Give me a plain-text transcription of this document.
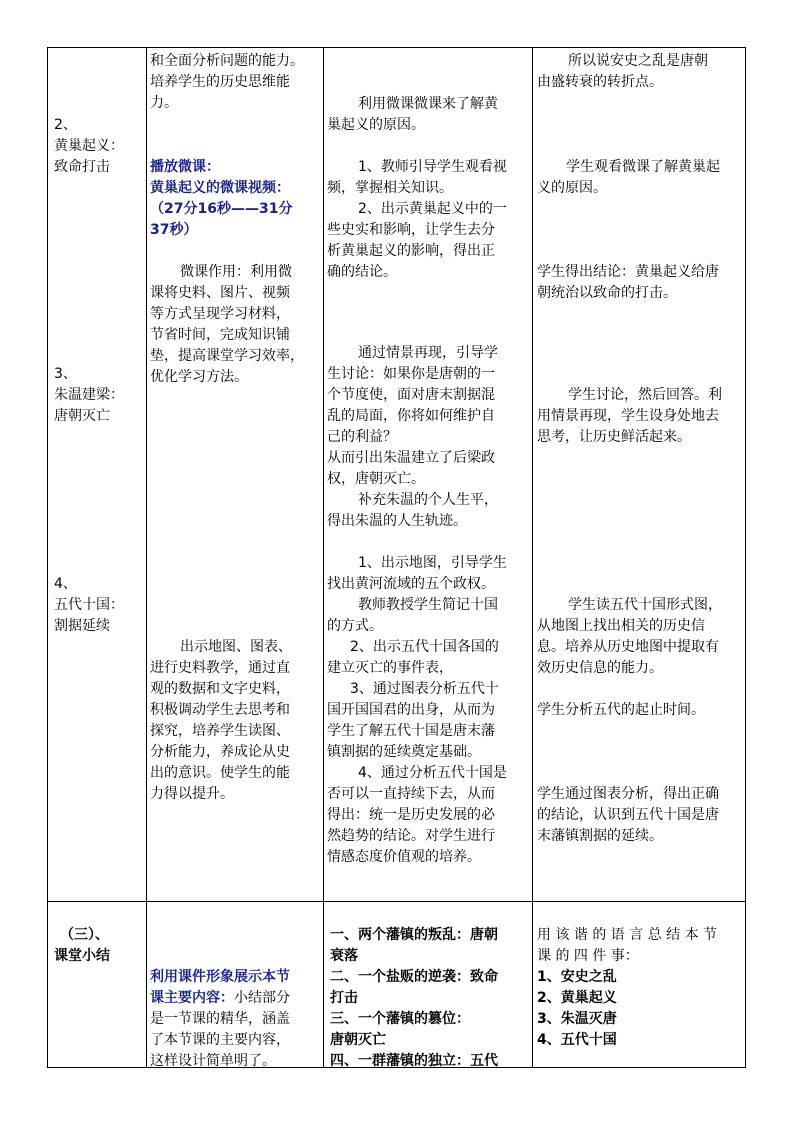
2、
黄巢起义：
致命打击
3、
朱温建梁：
唐朝灭亡
4、
五代十国：
割据延续
（三）、
课堂小结
和全面分析问题的能力。
培养学生的历史思维能
力。
播放微课：
黄巢起义的微课视频：
（27分16秒——31分
37秒）
微课作用：利用微
课将史料、图片、视频
等方式呈现学习材料，
节省时间，完成知识铺
垫，提高课堂学习效率，
优化学习方法。
出示地图、图表、
进行史料教学，通过直
观的数据和文字史料，
积极调动学生去思考和
探究，培养学生读图、
分析能力，养成论从史
出的意识。使学生的能
力得以提升。
利用课件形象展示本节
课主要内容：小结部分
是一节课的精华，涵盖
了本节课的主要内容，
这样设计简单明了。
利用微课微课来了解黄
巢起义的原因。
1、教师引导学生观看视
频，掌握相关知识。
2、出示黄巢起义中的一
些史实和影响，让学生去分
析黄巢起义的影响，得出正
确的结论。
通过情景再现，引导学
生讨论：如果你是唐朝的一
个节度使，面对唐末割据混
乱的局面，你将如何维护自
己的利益？
从而引出朱温建立了后梁政
权，唐朝灭亡。
补充朱温的个人生平，
得出朱温的人生轨迹。
1、出示地图，引导学生
找出黄河流域的五个政权。
教师教授学生简记十国
的方式。
2、出示五代十国各国的
建立灭亡的事件表，
3、通过图表分析五代十
国开国国君的出身，从而为
学生了解五代十国是唐末藩
镇割据的延续奠定基础。
4、通过分析五代十国是
否可以一直持续下去，从而
得出：统一是历史发展的必
然趋势的结论。对学生进行
情感态度价值观的培养。
一、两个藩镇的叛乱：唐朝
衰落
二、一个盐贩的逆袭：致命
打击
三、一个藩镇的篡位：
唐朝灭亡
四、一群藩镇的独立：五代
所以说安史之乱是唐朝
由盛转衰的转折点。
学生观看微课了解黄巢起
义的原因。
学生得出结论：黄巢起义给唐
朝统治以致命的打击。
学生讨论，然后回答。利
用情景再现，学生设身处地去
思考，让历史鲜活起来。
学生读五代十国形式图，
从地图上找出相关的历史信
息。培养从历史地图中提取有
效历史信息的能力。
学生分析五代的起止时间。
学生通过图表分析，得出正确
的结论，认识到五代十国是唐
末藩镇割据的延续。
用 该 谐 的 语 言 总 结 本 节
课 的 四 件 事：
1、安史之乱
2、黄巢起义
3、朱温灭唐
4、五代十国
